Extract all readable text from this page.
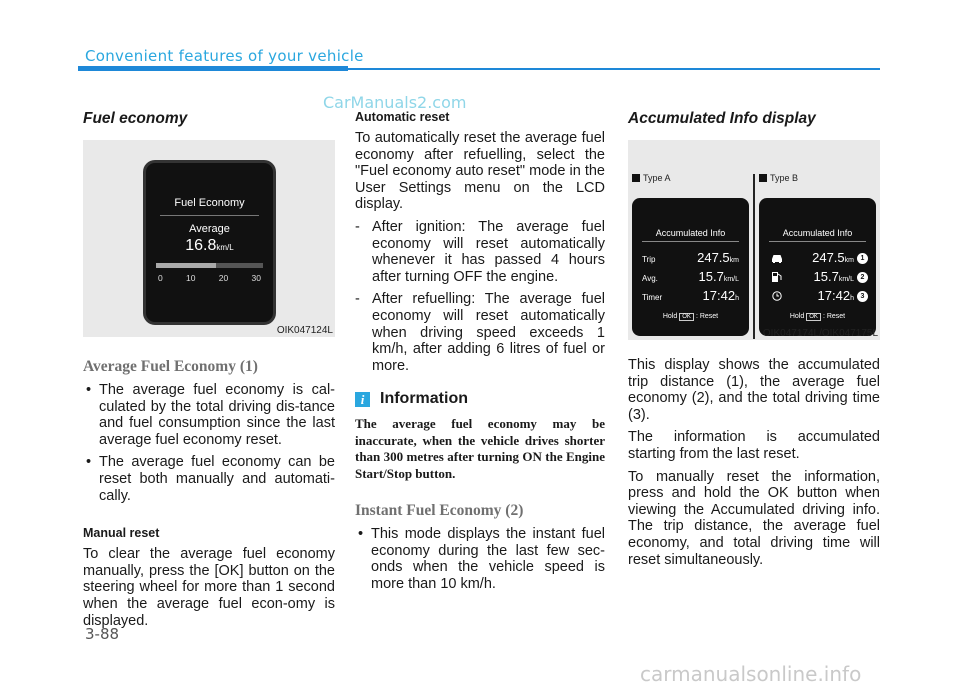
Convenient features of your vehicle
CarManuals2.com
Fuel economy
Fuel Economy
Average
16.8km/L
0	10	20	30
OIK047124L
Average Fuel Economy (1)
• The average fuel economy is cal-culated by the total driving dis-tance and fuel consumption since the last average fuel economy reset.
• The average fuel economy can be reset both manually and automati-cally.
Manual reset

To clear the average fuel economy manually, press the [OK] button on the steering wheel for more than 1 second when the average fuel econ-omy is displayed.

Automatic reset

To automatically reset the average fuel economy after refuelling, select the "Fuel economy auto reset" mode in the User Settings menu on the LCD display.

- After ignition: The average fuel economy will reset automatically whenever it has passed 4 hours after turning OFF the engine.
- After refuelling: The average fuel economy will reset automatically when driving speed exceeds 1 km/h, after adding 6 litres of fuel or more.
i Information

The average fuel economy may be inaccurate, when the vehicle drives shorter than 300 metres after turning ON the Engine Start/Stop button.

Instant Fuel Economy (2)
• This mode displays the instant fuel economy during the last few sec-onds when the vehicle speed is more than 10 km/h.
Accumulated Info display
Type A	Type B
Accumulated Info
Trip	247.5km
Avg.	15.7km/L
Timer	17:42h
Hold OK : Reset
Accumulated Info
247.5km 1
15.7km/L 2
17:42h 3
Hold OK : Reset
OIK047174L/OIK047175L

This display shows the accumulated trip distance (1), the average fuel economy (2), and the total driving time (3).

The information is accumulated starting from the last reset.

To manually reset the information, press and hold the OK button when viewing the Accumulated driving info. The trip distance, the average fuel economy, and total driving time will reset simultaneously.

3-88
carmanualsonline.info
